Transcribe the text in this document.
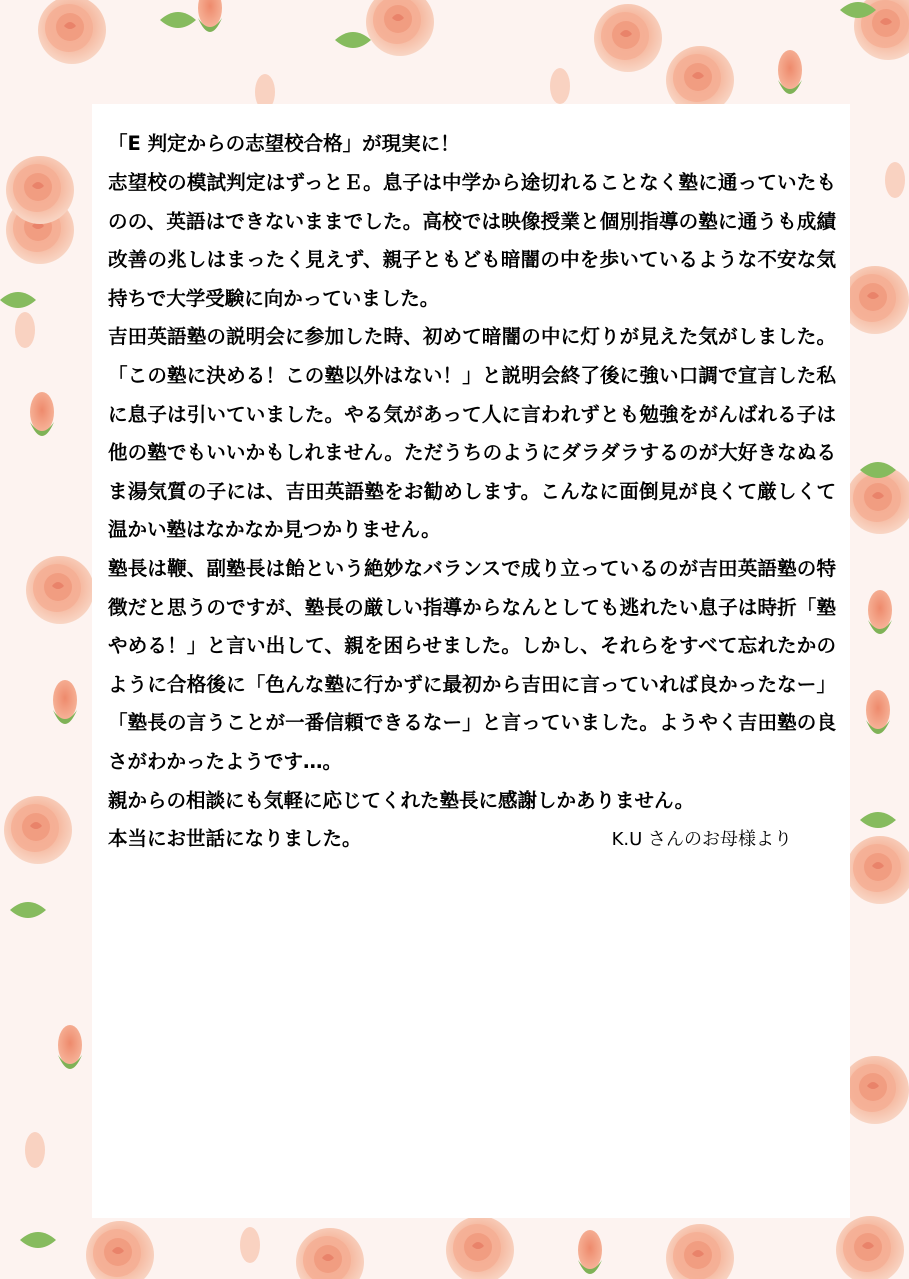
「E 判定からの志望校合格」が現実に！

志望校の模試判定はずっとＥ。息子は中学から途切れることなく塾に通っていたものの、英語はできないままでした。高校では映像授業と個別指導の塾に通うも成績改善の兆しはまったく見えず、親子ともども暗闇の中を歩いているような不安な気持ちで大学受験に向かっていました。

吉田英語塾の説明会に参加した時、初めて暗闇の中に灯りが見えた気がしました。「この塾に決める！この塾以外はない！」と説明会終了後に強い口調で宣言した私に息子は引いていました。やる気があって人に言われずとも勉強をがんばれる子は他の塾でもいいかもしれません。ただうちのようにダラダラするのが大好きなぬるま湯気質の子には、吉田英語塾をお勧めします。こんなに面倒見が良くて厳しくて温かい塾はなかなか見つかりません。

塾長は鞭、副塾長は飴という絶妙なバランスで成り立っているのが吉田英語塾の特徴だと思うのですが、塾長の厳しい指導からなんとしても逃れたい息子は時折「塾やめる！」と言い出して、親を困らせました。しかし、それらをすべて忘れたかのように合格後に「色んな塾に行かずに最初から吉田に言っていれば良かったなー」「塾長の言うことが一番信頼できるなー」と言っていました。ようやく吉田塾の良さがわかったようです…。

親からの相談にも気軽に応じてくれた塾長に感謝しかありません。

本当にお世話になりました。	K.U さんのお母様より
